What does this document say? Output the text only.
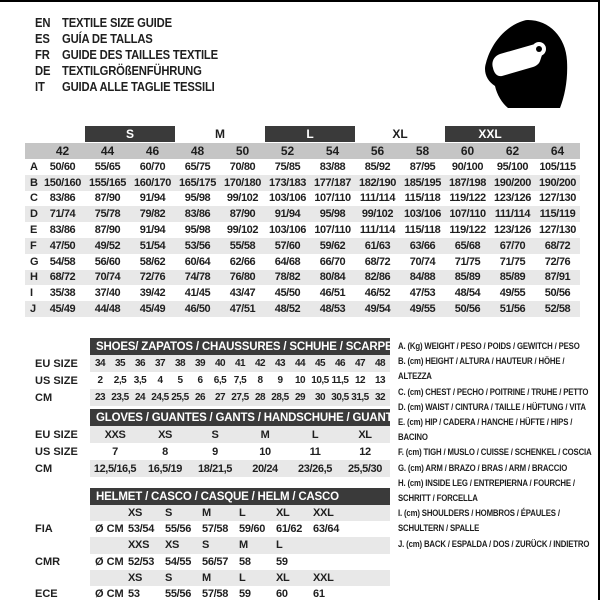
EN TEXTILE SIZE GUIDE
ES GUÍA DE TALLAS
FR GUIDE DES TAILLES TEXTILE
DE TEXTILGRÖßENFÜHRUNG
IT	GUIDA ALLE TAGLIE TESSILI
S	M	L	XL	XXL
42	44	46	48	50	52	54	56	58	60	62	64
A	50/60	55/65	60/70	65/75	70/80	75/85	83/88	85/92	87/95	90/100	95/100	105/115
B 150/160 155/165 160/170 165/175 170/180 173/183 177/187 182/190 185/195 187/198 190/200 190/200
C	83/86	87/90	91/94	95/98	99/102 103/106 107/110 111/114 115/118 119/122 123/126 127/130
D	71/74	75/78	79/82	83/86	87/90	91/94	95/98	99/102 103/106 107/110 111/114 115/119
E	83/86	87/90	91/94	95/98	99/102 103/106 107/110 111/114 115/118 119/122 123/126 127/130
F	47/50	49/52	51/54	53/56	55/58	57/60	59/62	61/63	63/66	65/68	67/70	68/72
G	54/58	56/60	58/62	60/64	62/66	64/68	66/70	68/72	70/74	71/75	71/75	72/76
H	68/72	70/74	72/76	74/78	76/80	78/82	80/84	82/86	84/88	85/89	85/89	87/91
I	35/38	37/40	39/42	41/45	43/47	45/50	46/51	46/52	47/53	48/54	49/55	50/56
J	45/49	44/48	45/49	46/50	47/51	48/52	48/53	49/54	49/55	50/56	51/56	52/58
SHOES/ ZAPATOS / CHAUSSURES / SCHUHE / SCARPE
EU SIZE	34 35 36 37 38 39 40 41 42 43 44 45 46 47 48
US SIZE	2	2,5 3,5	4	5	6	6,5 7,5	8	9	10 10,5 11,5 12 13
CM	23 23,5 24 24,5 25,5 26 27 27,5 28 28,5 29 30 30,5 31,5 32
GLOVES / GUANTES / GANTS / HANDSCHUHE / GUANTI
EU SIZE	XXS	XS	S	M	L	XL
US SIZE	7	8	9	10	11	12
CM	12,5/16,5	16,5/19	18/21,5	20/24	23/26,5	25,5/30
HELMET / CASCO / CASQUE / HELM / CASCO
XS	S	M	L	XL	XXL
FIA	Ø CM 53/54 55/56 57/58 59/60 61/62 63/64
XXS	XS	S	M	L
CMR	Ø CM 52/53 54/55 56/57 58	59
XS	S	M	L	XL	XXL
ECE	Ø CM 53	55/56 57/58 59	60	61
A. (Kg) WEIGHT / PESO / POIDS / GEWITCH / PESO
B. (cm) HEIGHT / ALTURA / HAUTEUR / HÖHE / ALTEZZA
C. (cm) CHEST / PECHO / POITRINE / TRUHE / PETTO
D. (cm) WAIST / CINTURA / TAILLE / HÜFTUNG / VITA
E. (cm) HIP / CADERA / HANCHE / HÜFTE / HIPS / BACINO
F. (cm) TIGH / MUSLO / CUISSE / SCHENKEL / COSCIA
G. (cm) ARM / BRAZO / BRAS / ARM / BRACCIO
H. (cm) INSIDE LEG / ENTREPIERNA / FOURCHE / SCHRITT / FORCELLA
I. (cm) SHOULDERS / HOMBROS / ÉPAULES / SCHULTERN / SPALLE
J. (cm) BACK / ESPALDA / DOS / ZURÜCK / INDIETRO
